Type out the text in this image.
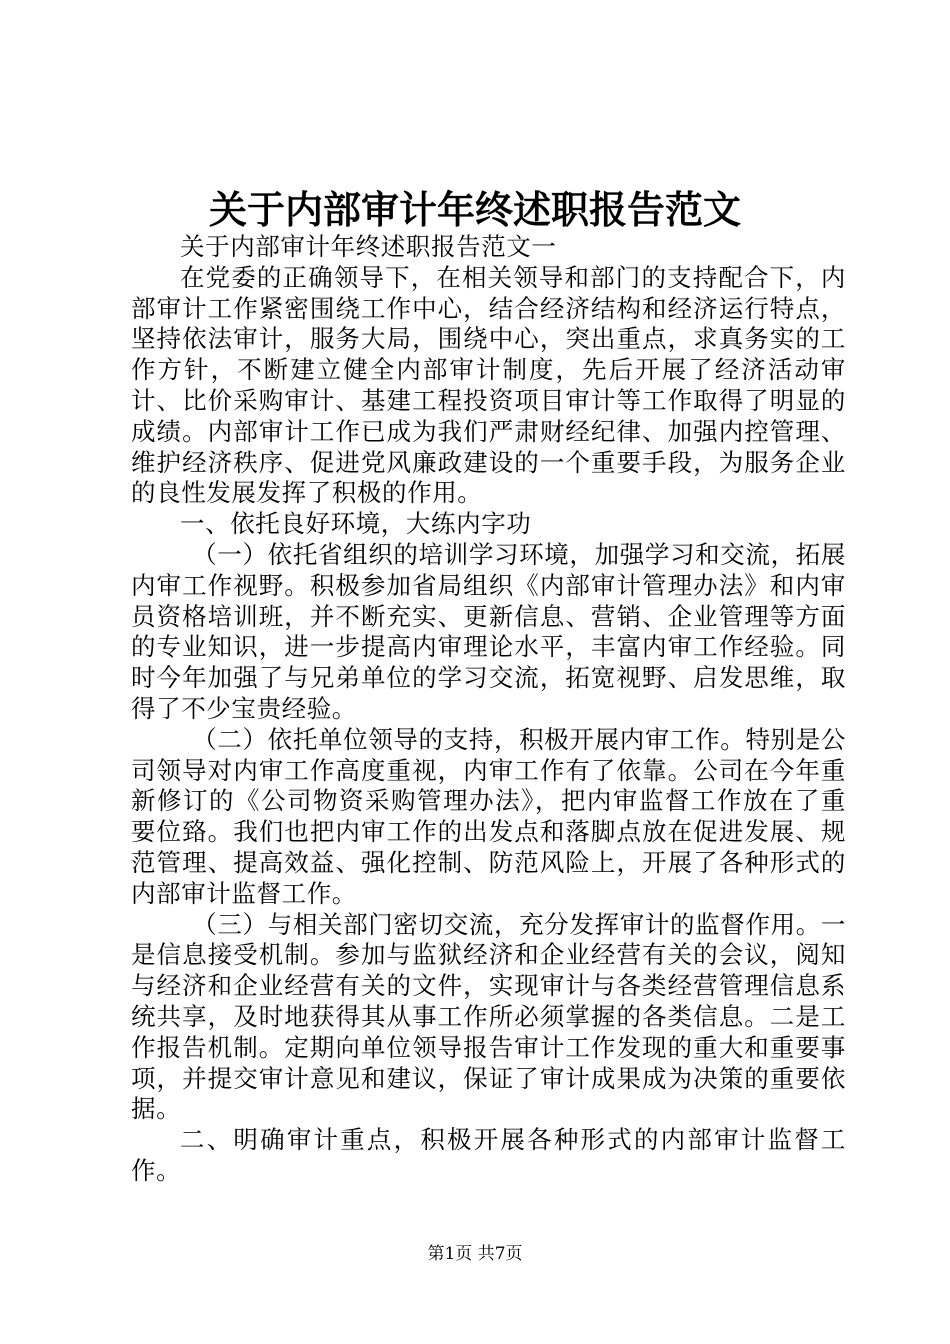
关于内部审计年终述职报告范文

关于内部审计年终述职报告范文一

在党委的正确领导下，在相关领导和部门的支持配合下，内部审计工作紧密围绕工作中心，结合经济结构和经济运行特点，坚持依法审计，服务大局，围绕中心，突出重点，求真务实的工作方针，不断建立健全内部审计制度，先后开展了经济活动审计、比价采购审计、基建工程投资项目审计等工作取得了明显的成绩。内部审计工作已成为我们严肃财经纪律、加强内控管理、维护经济秩序、促进党风廉政建设的一个重要手段，为服务企业的良性发展发挥了积极的作用。

一、依托良好环境，大练内字功

（一）依托省组织的培训学习环境，加强学习和交流，拓展内审工作视野。积极参加省局组织《内部审计管理办法》和内审员资格培训班，并不断充实、更新信息、营销、企业管理等方面的专业知识，进一步提高内审理论水平，丰富内审工作经验。同时今年加强了与兄弟单位的学习交流，拓宽视野、启发思维，取得了不少宝贵经验。

（二）依托单位领导的支持，积极开展内审工作。特别是公司领导对内审工作高度重视，内审工作有了依靠。公司在今年重新修订的《公司物资采购管理办法》，把内审监督工作放在了重要位臵。我们也把内审工作的出发点和落脚点放在促进发展、规范管理、提高效益、强化控制、防范风险上，开展了各种形式的内部审计监督工作。

（三）与相关部门密切交流，充分发挥审计的监督作用。一是信息接受机制。参加与监狱经济和企业经营有关的会议，阅知与经济和企业经营有关的文件，实现审计与各类经营管理信息系统共享，及时地获得其从事工作所必须掌握的各类信息。二是工作报告机制。定期向单位领导报告审计工作发现的重大和重要事项，并提交审计意见和建议，保证了审计成果成为决策的重要依据。

二、明确审计重点，积极开展各种形式的内部审计监督工作。

第1页 共7页
